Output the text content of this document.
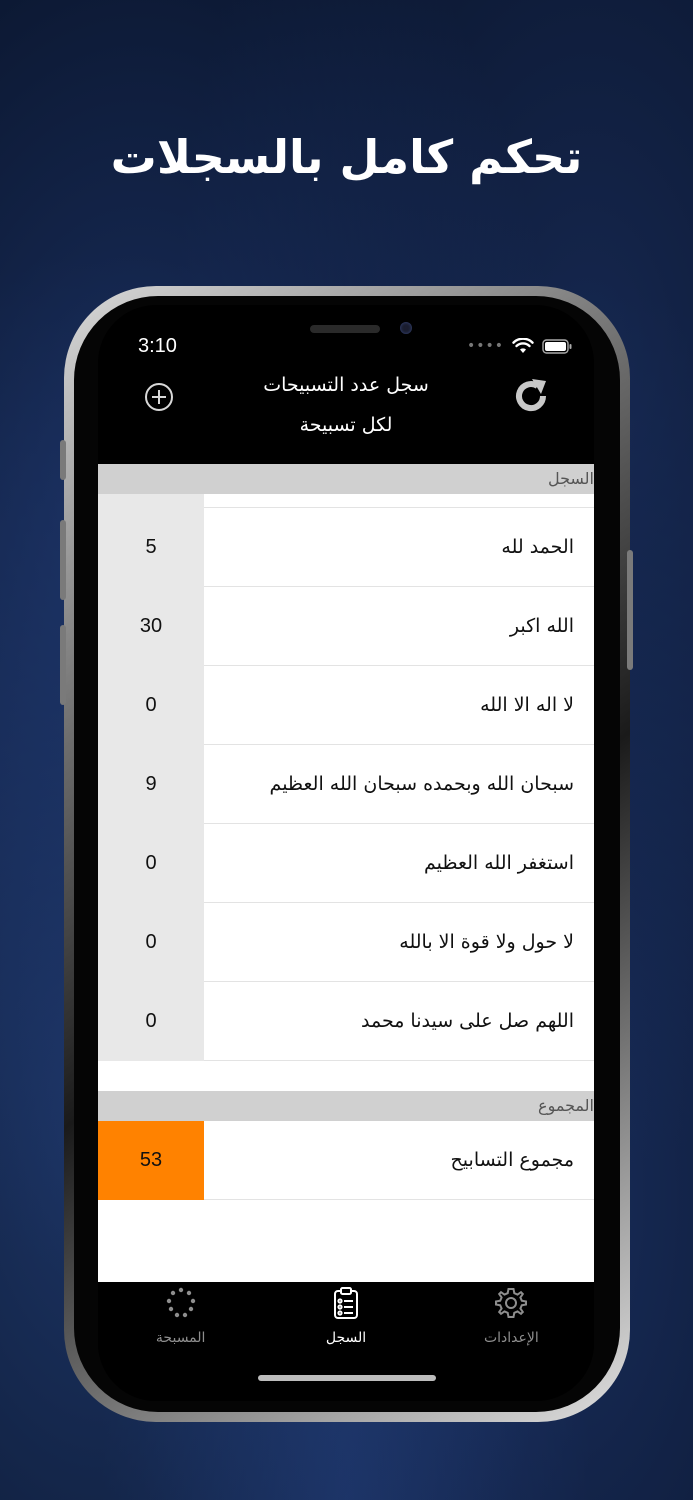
تحكم كامل بالسجلات
3:10	••••
سجل عدد التسبيحات
لكل تسبيحة
السجل
الحمد لله
5
الله اكبر
30
لا اله الا الله
0
سبحان الله وبحمده سبحان الله العظيم
9
استغفر الله العظيم
0
لا حول ولا قوة الا بالله
0
اللهم صل على سيدنا محمد
0
المجموع
مجموع التسابيح
53
الإعدادات
السجل
المسبحة
